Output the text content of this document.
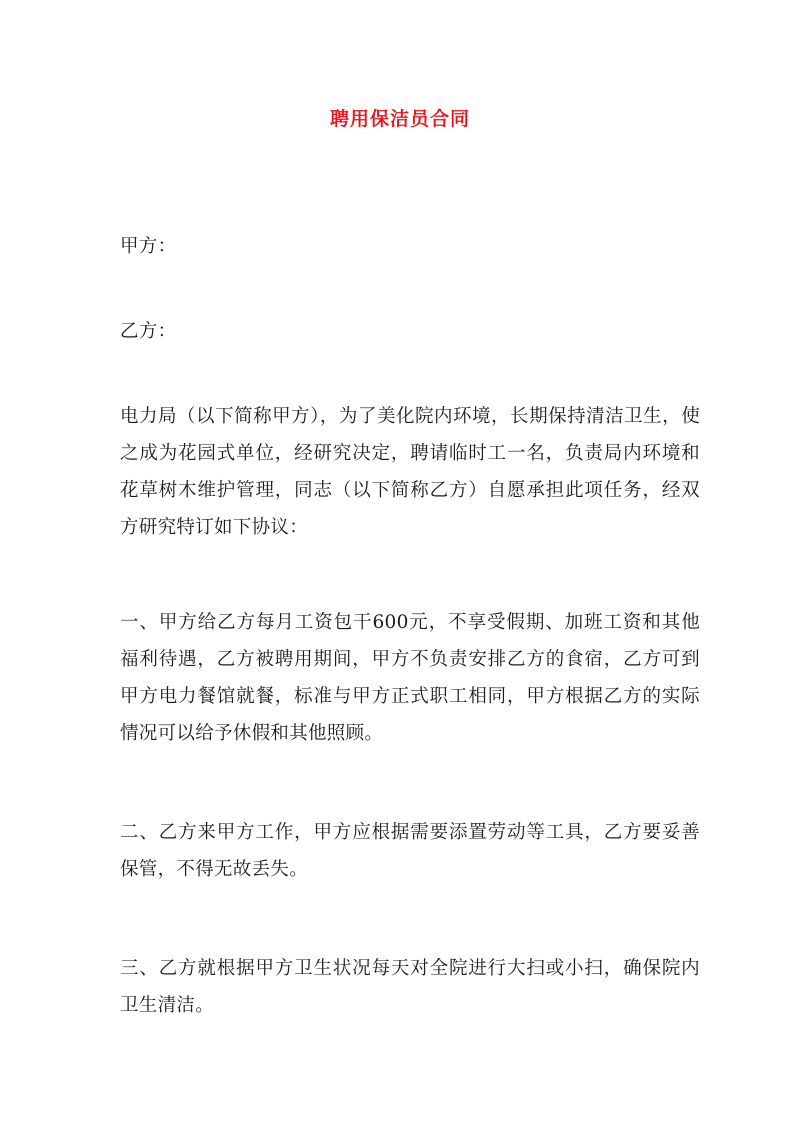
聘用保洁员合同

甲方：

乙方：

电力局（以下简称甲方），为了美化院内环境，长期保持清洁卫生，使之成为花园式单位，经研究决定，聘请临时工一名，负责局内环境和花草树木维护管理，同志（以下简称乙方）自愿承担此项任务，经双方研究特订如下协议：

一、甲方给乙方每月工资包干600元，不享受假期、加班工资和其他福利待遇，乙方被聘用期间，甲方不负责安排乙方的食宿，乙方可到甲方电力餐馆就餐，标准与甲方正式职工相同，甲方根据乙方的实际情况可以给予休假和其他照顾。

二、乙方来甲方工作，甲方应根据需要添置劳动等工具，乙方要妥善保管，不得无故丢失。

三、乙方就根据甲方卫生状况每天对全院进行大扫或小扫，确保院内卫生清洁。
